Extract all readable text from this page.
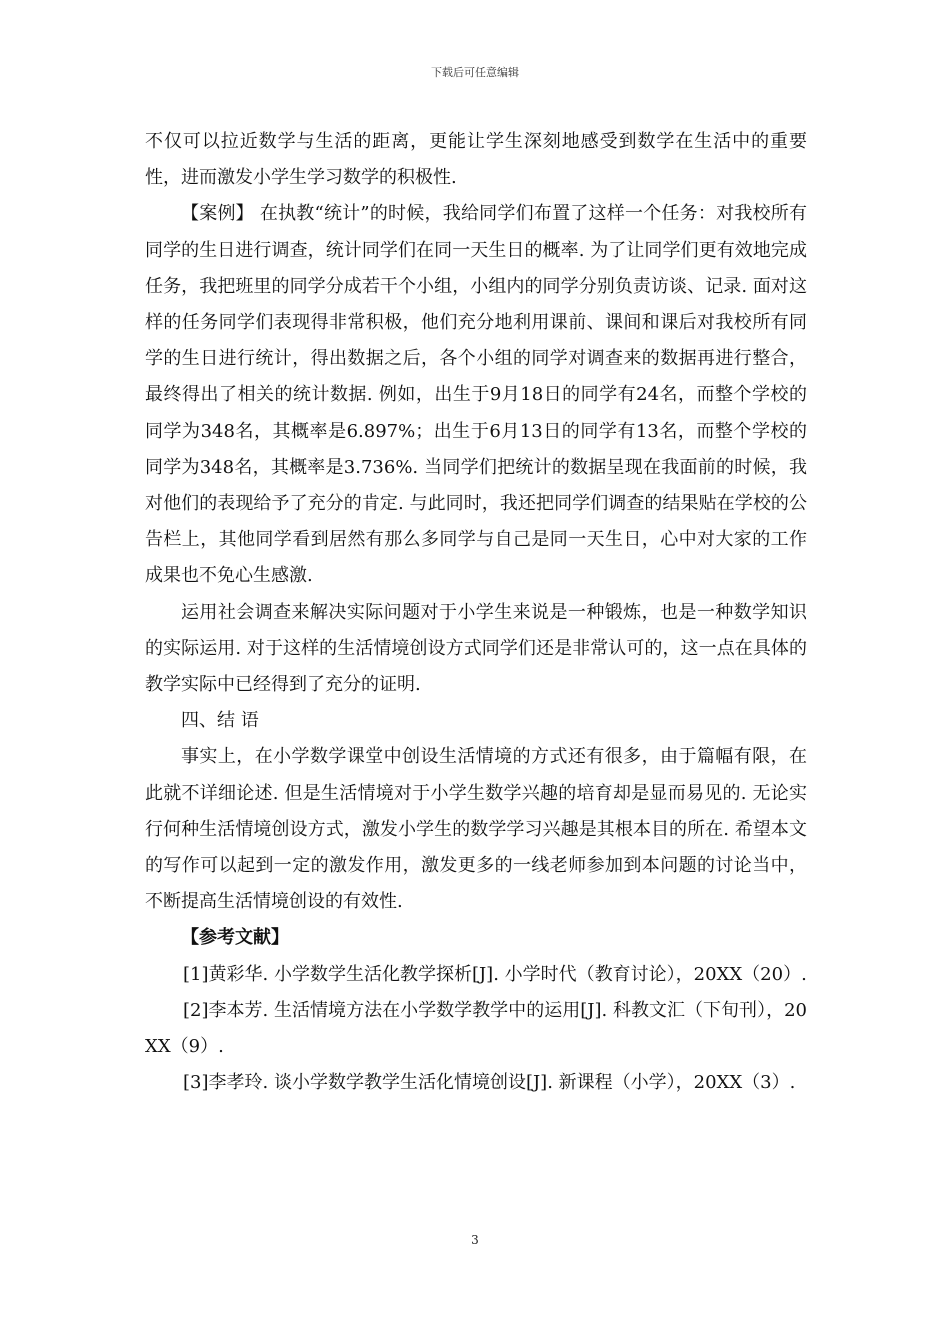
下载后可任意编辑

不仅可以拉近数学与生活的距离，更能让学生深刻地感受到数学在生活中的重要性，进而激发小学生学习数学的积极性.

【案例】 在执教“统计”的时候，我给同学们布置了这样一个任务：对我校所有同学的生日进行调查，统计同学们在同一天生日的概率. 为了让同学们更有效地完成任务，我把班里的同学分成若干个小组，小组内的同学分别负责访谈、记录. 面对这样的任务同学们表现得非常积极，他们充分地利用课前、课间和课后对我校所有同学的生日进行统计，得出数据之后，各个小组的同学对调查来的数据再进行整合，最终得出了相关的统计数据. 例如，出生于9月18日的同学有24名，而整个学校的同学为348名，其概率是6.897%；出生于6月13日的同学有13名，而整个学校的同学为348名，其概率是3.736%. 当同学们把统计的数据呈现在我面前的时候，我对他们的表现给予了充分的肯定. 与此同时，我还把同学们调查的结果贴在学校的公告栏上，其他同学看到居然有那么多同学与自己是同一天生日，心中对大家的工作成果也不免心生感激.

运用社会调查来解决实际问题对于小学生来说是一种锻炼，也是一种数学知识的实际运用. 对于这样的生活情境创设方式同学们还是非常认可的，这一点在具体的教学实际中已经得到了充分的证明.

四、结 语

事实上，在小学数学课堂中创设生活情境的方式还有很多，由于篇幅有限，在此就不详细论述. 但是生活情境对于小学生数学兴趣的培育却是显而易见的. 无论实行何种生活情境创设方式，激发小学生的数学学习兴趣是其根本目的所在. 希望本文的写作可以起到一定的激发作用，激发更多的一线老师参加到本问题的讨论当中，不断提高生活情境创设的有效性.

【参考文献】

[1]黄彩华. 小学数学生活化教学探析[J]. 小学时代（教育讨论），20XX（20）.

[2]李本芳. 生活情境方法在小学数学教学中的运用[J]. 科教文汇（下旬刊），20XX（9）.

[3]李孝玲. 谈小学数学教学生活化情境创设[J]. 新课程（小学），20XX（3）.

3
